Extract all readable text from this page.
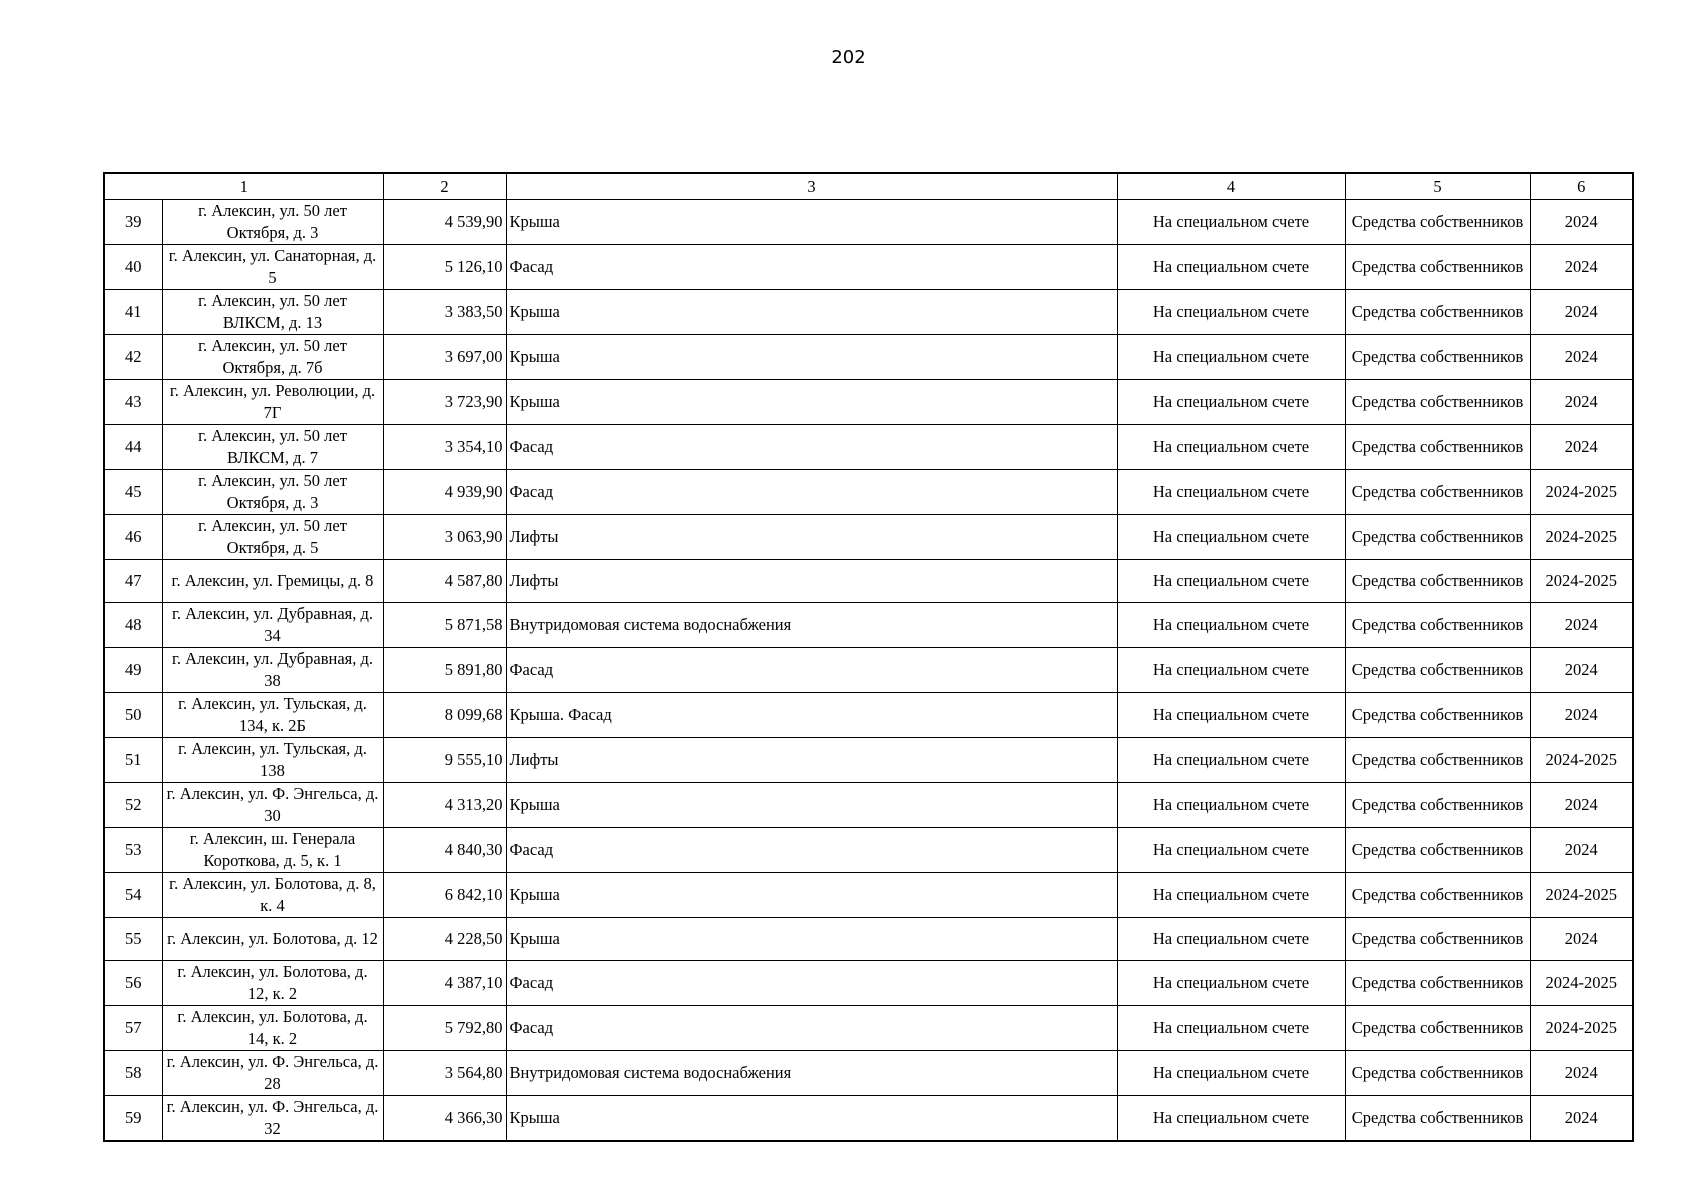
202
1		2	3	4	5	6
39	г. Алексин, ул. 50 лет Октября, д. 3	4 539,90	Крыша	На специальном счете	Средства собственников	2024
40	г. Алексин, ул. Санаторная, д. 5	5 126,10	Фасад	На специальном счете	Средства собственников	2024
41	г. Алексин, ул. 50 лет ВЛКСМ, д. 13	3 383,50	Крыша	На специальном счете	Средства собственников	2024
42	г. Алексин, ул. 50 лет Октября, д. 7б	3 697,00	Крыша	На специальном счете	Средства собственников	2024
43	г. Алексин, ул. Революции, д. 7Г	3 723,90	Крыша	На специальном счете	Средства собственников	2024
44	г. Алексин, ул. 50 лет ВЛКСМ, д. 7	3 354,10	Фасад	На специальном счете	Средства собственников	2024
45	г. Алексин, ул. 50 лет Октября, д. 3	4 939,90	Фасад	На специальном счете	Средства собственников	2024-2025
46	г. Алексин, ул. 50 лет Октября, д. 5	3 063,90	Лифты	На специальном счете	Средства собственников	2024-2025
47	г. Алексин, ул. Гремицы, д. 8	4 587,80	Лифты	На специальном счете	Средства собственников	2024-2025
48	г. Алексин, ул. Дубравная, д. 34	5 871,58	Внутридомовая система водоснабжения	На специальном счете	Средства собственников	2024
49	г. Алексин, ул. Дубравная, д. 38	5 891,80	Фасад	На специальном счете	Средства собственников	2024
50	г. Алексин, ул. Тульская, д. 134, к. 2Б	8 099,68	Крыша. Фасад	На специальном счете	Средства собственников	2024
51	г. Алексин, ул. Тульская, д. 138	9 555,10	Лифты	На специальном счете	Средства собственников	2024-2025
52	г. Алексин, ул. Ф. Энгельса, д. 30	4 313,20	Крыша	На специальном счете	Средства собственников	2024
53	г. Алексин, ш. Генерала Короткова, д. 5, к. 1	4 840,30	Фасад	На специальном счете	Средства собственников	2024
54	г. Алексин, ул. Болотова, д. 8, к. 4	6 842,10	Крыша	На специальном счете	Средства собственников	2024-2025
55	г. Алексин, ул. Болотова, д. 12	4 228,50	Крыша	На специальном счете	Средства собственников	2024
56	г. Алексин, ул. Болотова, д. 12, к. 2	4 387,10	Фасад	На специальном счете	Средства собственников	2024-2025
57	г. Алексин, ул. Болотова, д. 14, к. 2	5 792,80	Фасад	На специальном счете	Средства собственников	2024-2025
58	г. Алексин, ул. Ф. Энгельса, д. 28	3 564,80	Внутридомовая система водоснабжения	На специальном счете	Средства собственников	2024
59	г. Алексин, ул. Ф. Энгельса, д. 32	4 366,30	Крыша	На специальном счете	Средства собственников	2024
